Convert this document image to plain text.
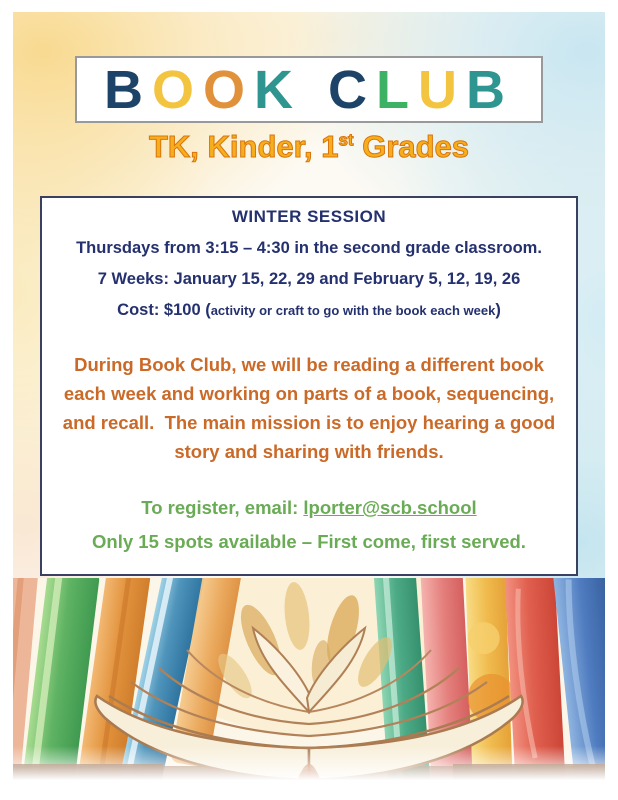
B O O K C L U B
TK, Kinder, 1st Grades
WINTER SESSION
Thursdays from 3:15 – 4:30 in the second grade classroom.
7 Weeks: January 15, 22, 29 and February 5, 12, 19, 26
Cost: $100 (activity or craft to go with the book each week)
During Book Club, we will be reading a different book each week and working on parts of a book, sequencing, and recall.  The main mission is to enjoy hearing a good story and sharing with friends.
To register, email: lporter@scb.school
Only 15 spots available – First come, first served.
